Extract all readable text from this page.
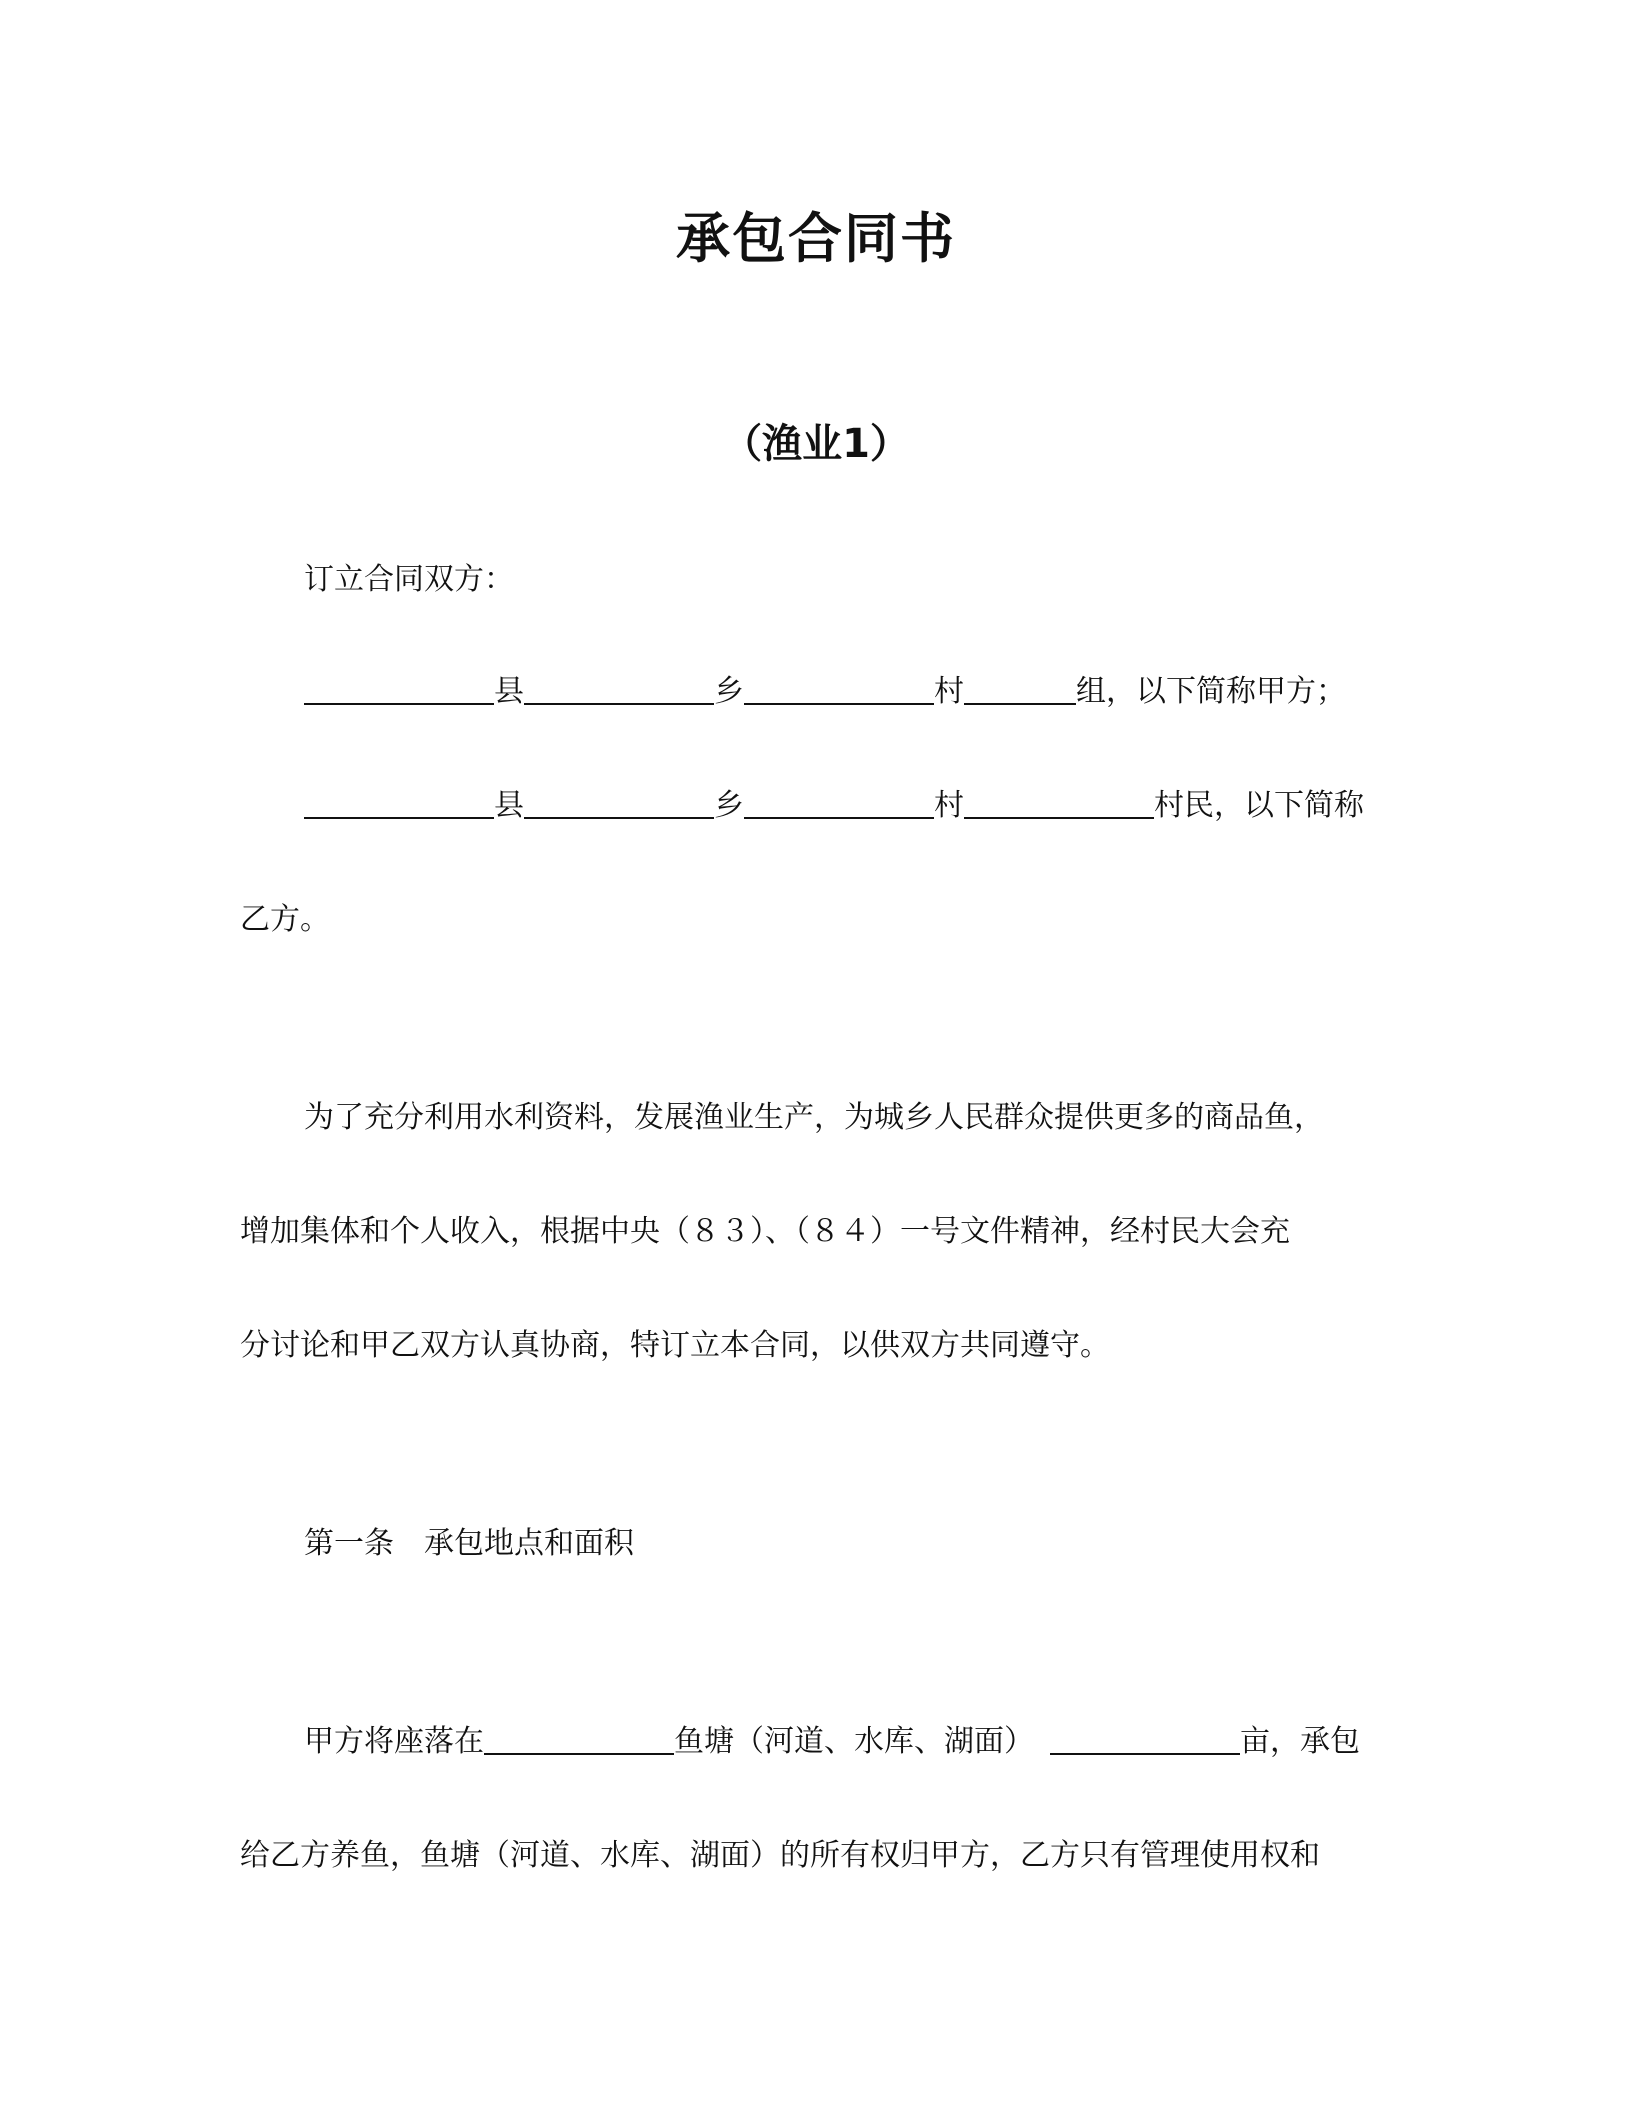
承包合同书
（渔业1）
订立合同双方：
县	乡	村	组，以下简称甲方；
县	乡	村	村民，以下简称
乙方。
为了充分利用水利资料，发展渔业生产，为城乡人民群众提供更多的商品鱼，
增加集体和个人收入，根据中央（８３）、（８４）一号文件精神，经村民大会充
分讨论和甲乙双方认真协商，特订立本合同，以供双方共同遵守。
第一条　承包地点和面积
甲方将座落在	鱼塘（河道、水库、湖面）	亩，承包
给乙方养鱼，鱼塘（河道、水库、湖面）的所有权归甲方，乙方只有管理使用权和
